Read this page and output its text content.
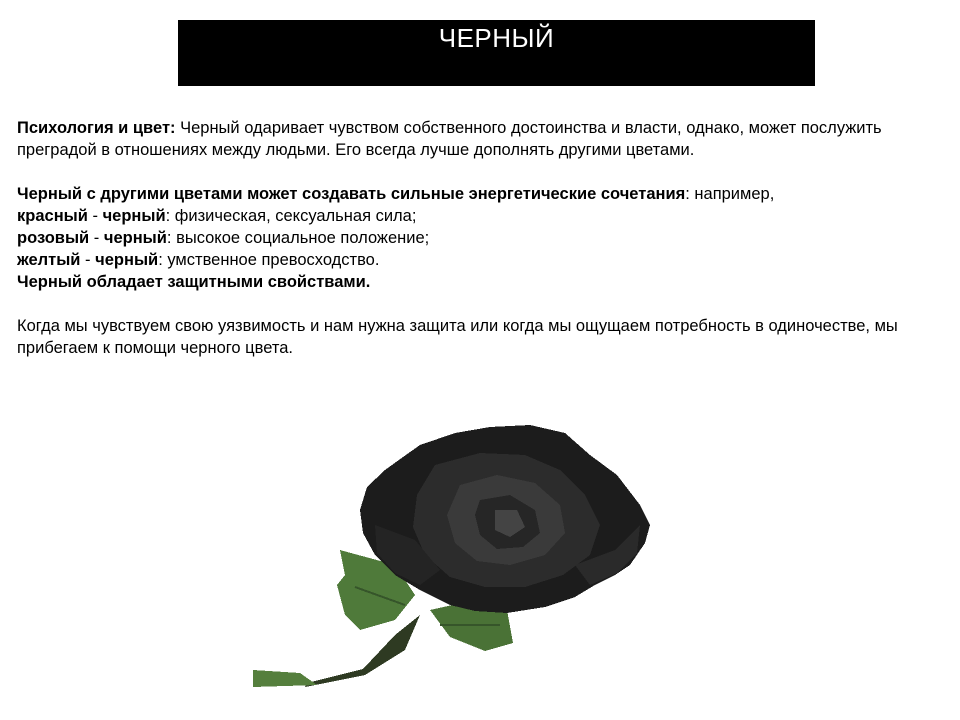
ЧЕРНЫЙ

Психология и цвет: Черный одаривает чувством собственного достоинства и власти, однако, может послужить преградой в отношениях между людьми. Его всегда лучше дополнять другими цветами.

Черный с другими цветами может создавать сильные энергетические сочетания: например,

красный - черный: физическая, сексуальная сила;

розовый - черный: высокое социальное положение;

желтый - черный: умственное превосходство.

Черный обладает защитными свойствами.

Когда мы чувствуем свою уязвимость и нам нужна защита или когда мы ощущаем потребность в одиночестве, мы прибегаем к помощи черного цвета.
